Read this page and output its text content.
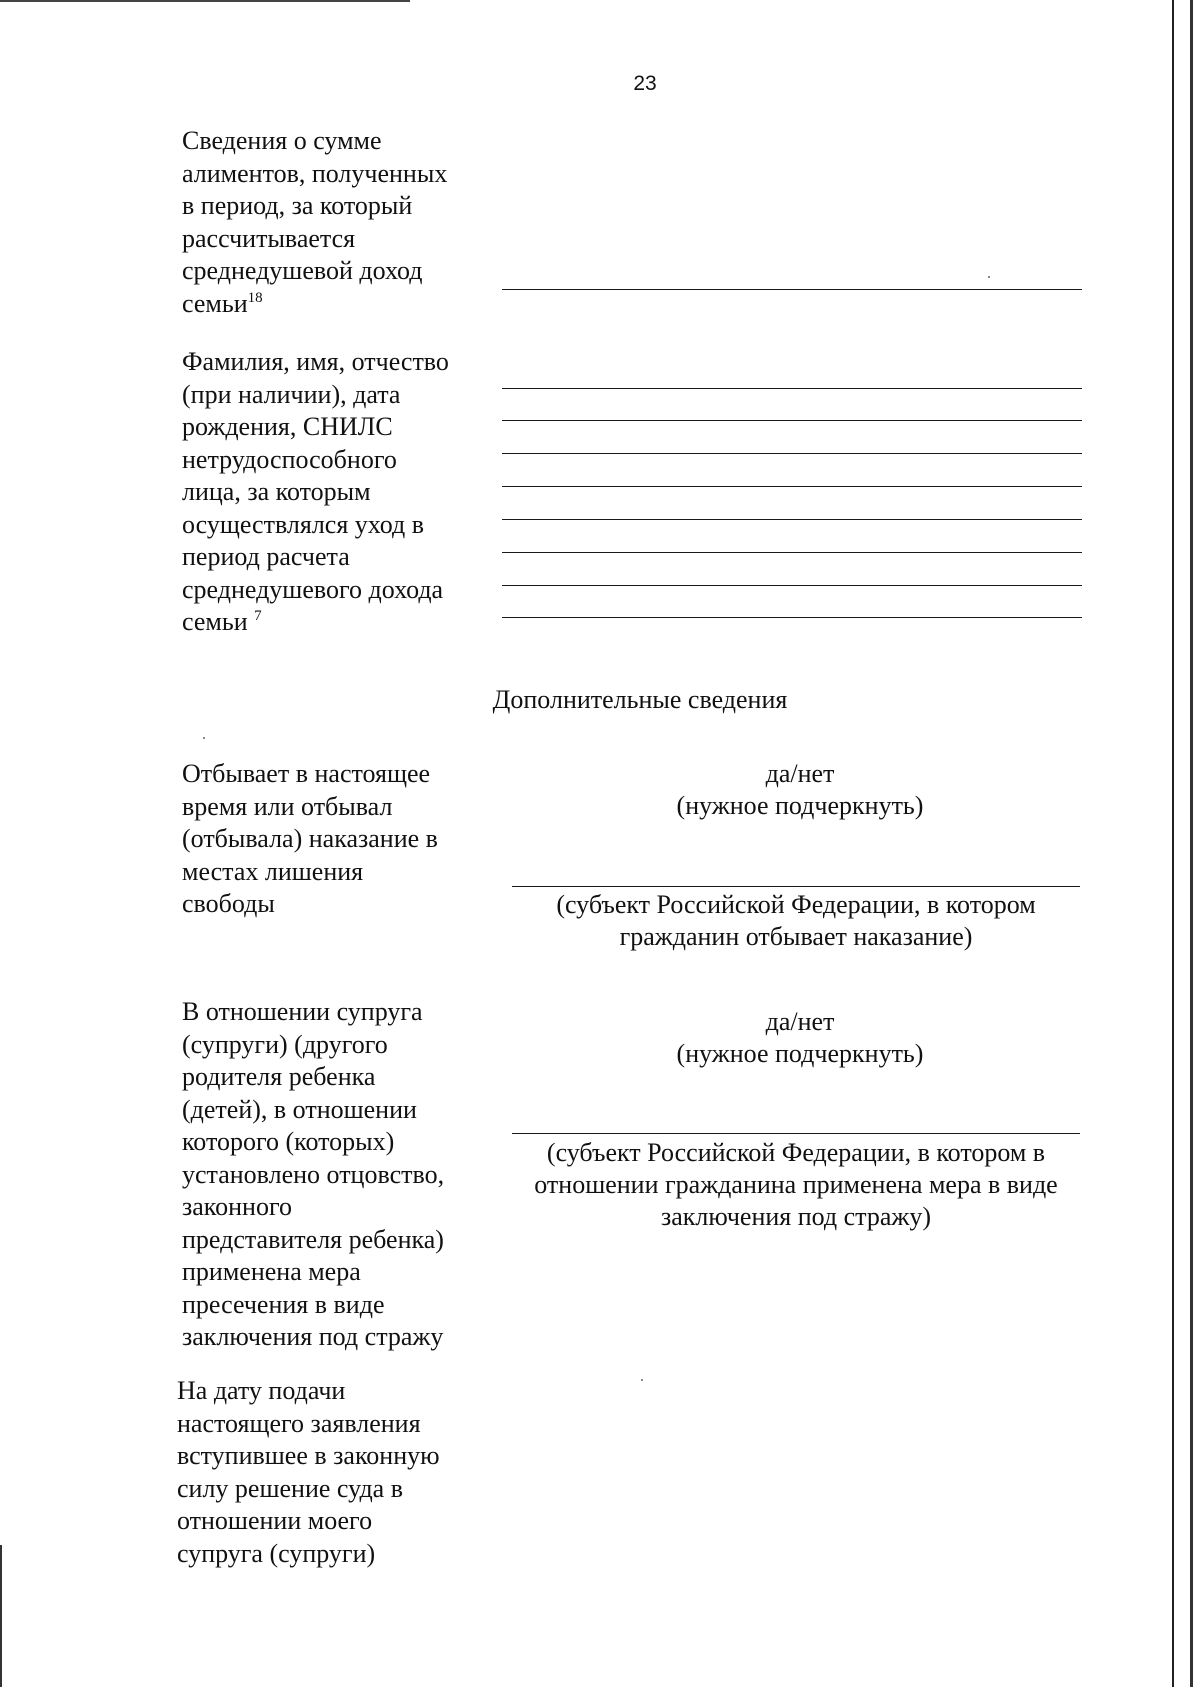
23
Сведения о сумме
алиментов, полученных
в период, за который
рассчитывается
среднедушевой доход
семьи$^{18}$
Фамилия, имя, отчество
(при наличии), дата
рождения, СНИЛС
нетрудоспособного
лица, за которым
осуществлялся уход в
период расчета
среднедушевого дохода
семьи $^7$
Дополнительные сведения
Отбывает в настоящее
время или отбывал
(отбывала) наказание в
местах лишения
свободы
да/нет
(нужное подчеркнуть)
(субъект Российской Федерации, в котором
гражданин отбывает наказание)
В отношении супруга
(супруги) (другого
родителя ребенка
(детей), в отношении
которого (которых)
установлено отцовство,
законного
представителя ребенка)
применена мера
пресечения в виде
заключения под стражу
да/нет
(нужное подчеркнуть)
(субъект Российской Федерации, в котором в
отношении гражданина применена мера в виде
заключения под стражу)
На дату подачи
настоящего заявления
вступившее в законную
силу решение суда в
отношении моего
супруга (супруги)
